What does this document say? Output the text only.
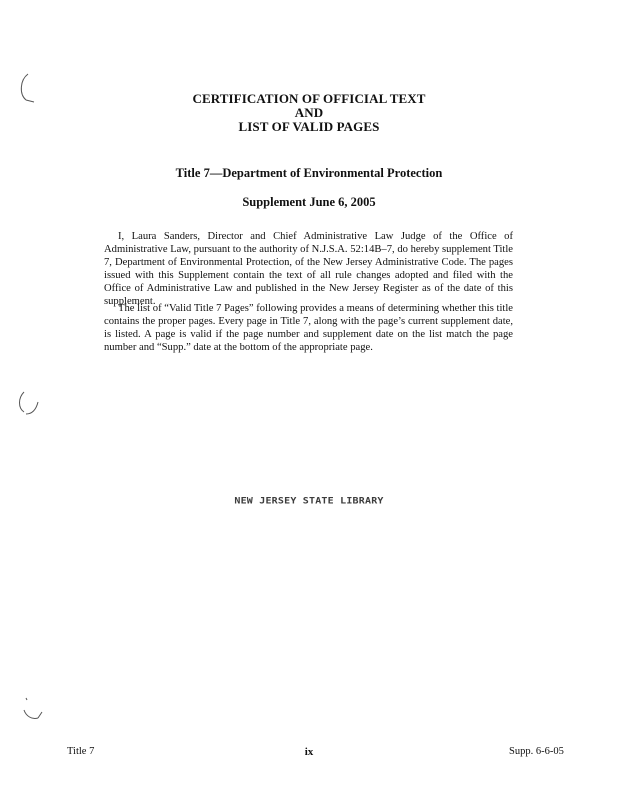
CERTIFICATION OF OFFICIAL TEXT
AND
LIST OF VALID PAGES
Title 7—Department of Environmental Protection
Supplement June 6, 2005

I, Laura Sanders, Director and Chief Administrative Law Judge of the Office of Administrative Law, pursuant to the authority of N.J.S.A. 52:14B–7, do hereby supplement Title 7, Department of Environmental Protection, of the New Jersey Administrative Code. The pages issued with this Supplement contain the text of all rule changes adopted and filed with the Office of Administrative Law and published in the New Jersey Register as of the date of this supplement.

The list of “Valid Title 7 Pages” following provides a means of determining whether this title contains the proper pages. Every page in Title 7, along with the page’s current supplement date, is listed. A page is valid if the page number and supplement date on the list match the page number and “Supp.” date at the bottom of the appropriate page.

NEW JERSEY STATE LIBRARY
Title 7	ix	Supp. 6-6-05
